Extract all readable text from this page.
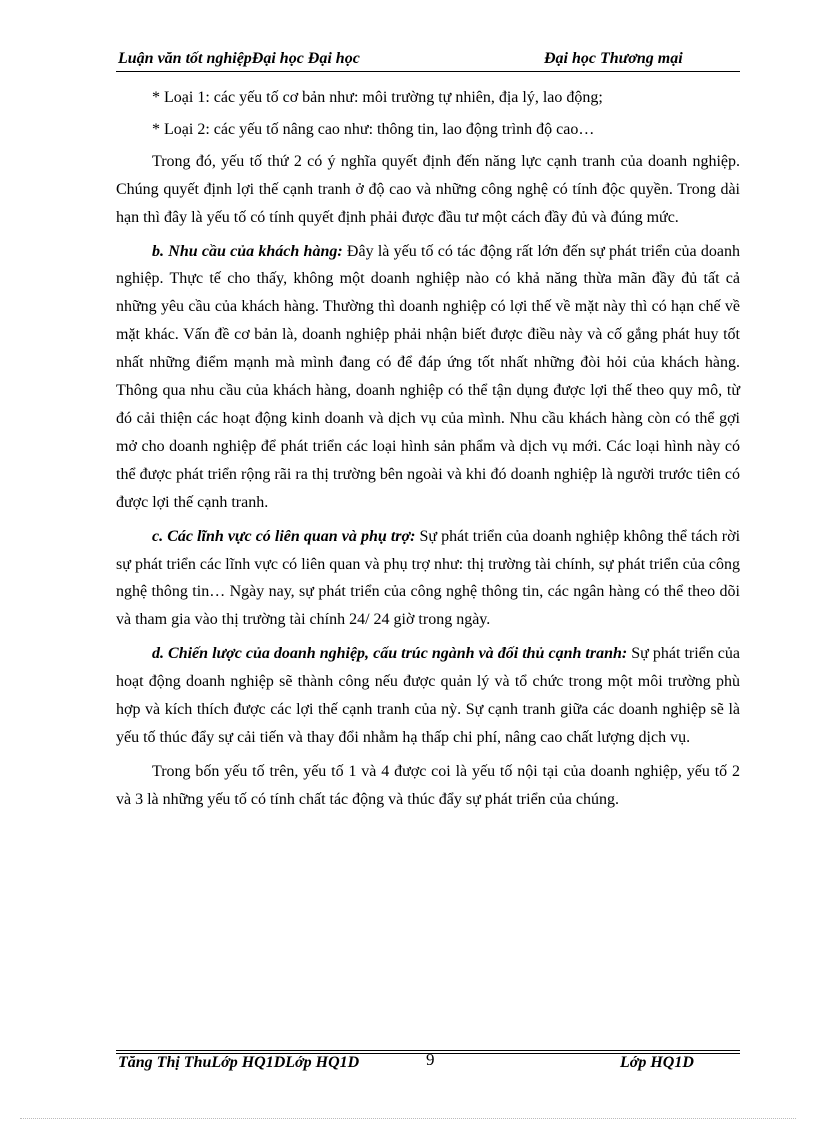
Luận văn tốt nghiệpĐại học Đại học	Đại học Thương mại

* Loại 1: các yếu tố cơ bản như: môi trường tự nhiên, địa lý, lao động;

* Loại 2: các yếu tố nâng cao như: thông tin, lao động trình độ cao…

Trong đó, yếu tố thứ 2 có ý nghĩa quyết định đến năng lực cạnh tranh của doanh nghiệp. Chúng quyết định lợi thế cạnh tranh ở độ cao và những công nghệ có tính độc quyền. Trong dài hạn thì đây là yếu tố có tính quyết định phải được đầu tư một cách đầy đủ và đúng mức.

b. Nhu cầu của khách hàng: Đây là yếu tố có tác động rất lớn đến sự phát triển của doanh nghiệp. Thực tế cho thấy, không một doanh nghiệp nào có khả năng thừa mãn đầy đủ tất cả những yêu cầu của khách hàng. Thường thì doanh nghiệp có lợi thế về mặt này thì có hạn chế về mặt khác. Vấn đề cơ bản là, doanh nghiệp phải nhận biết được điều này và cố gắng phát huy tốt nhất những điểm mạnh mà mình đang có để đáp ứng tốt nhất những đòi hỏi của khách hàng. Thông qua nhu cầu của khách hàng, doanh nghiệp có thể tận dụng được lợi thế theo quy mô, từ đó cải thiện các hoạt động kinh doanh và dịch vụ của mình. Nhu cầu khách hàng còn có thể gợi mở cho doanh nghiệp để phát triển các loại hình sản phẩm và dịch vụ mới. Các loại hình này có thể được phát triển rộng rãi ra thị trường bên ngoài và khi đó doanh nghiệp là người trước tiên có được lợi thế cạnh tranh.

c. Các lĩnh vực có liên quan và phụ trợ: Sự phát triển của doanh nghiệp không thể tách rời sự phát triển các lĩnh vực có liên quan và phụ trợ như: thị trường tài chính, sự phát triển của công nghệ thông tin… Ngày nay, sự phát triển của công nghệ thông tin, các ngân hàng có thể theo dõi và tham gia vào thị trường tài chính 24/ 24 giờ trong ngày.

d. Chiến lược của doanh nghiệp, cấu trúc ngành và đối thủ cạnh tranh: Sự phát triển của hoạt động doanh nghiệp sẽ thành công nếu được quản lý và tổ chức trong một môi trường phù hợp và kích thích được các lợi thế cạnh tranh của nỳ. Sự cạnh tranh giữa các doanh nghiệp sẽ là yếu tố thúc đẩy sự cải tiến và thay đổi nhằm hạ thấp chi phí, nâng cao chất lượng dịch vụ.

Trong bốn yếu tố trên, yếu tố 1 và 4 được coi là yếu tố nội tại của doanh nghiệp, yếu tố 2 và 3 là những yếu tố có tính chất tác động và thúc đẩy sự phát triển của chúng.

Tăng Thị ThuLớp HQ1DLớp HQ1D	9	Lớp HQ1D
